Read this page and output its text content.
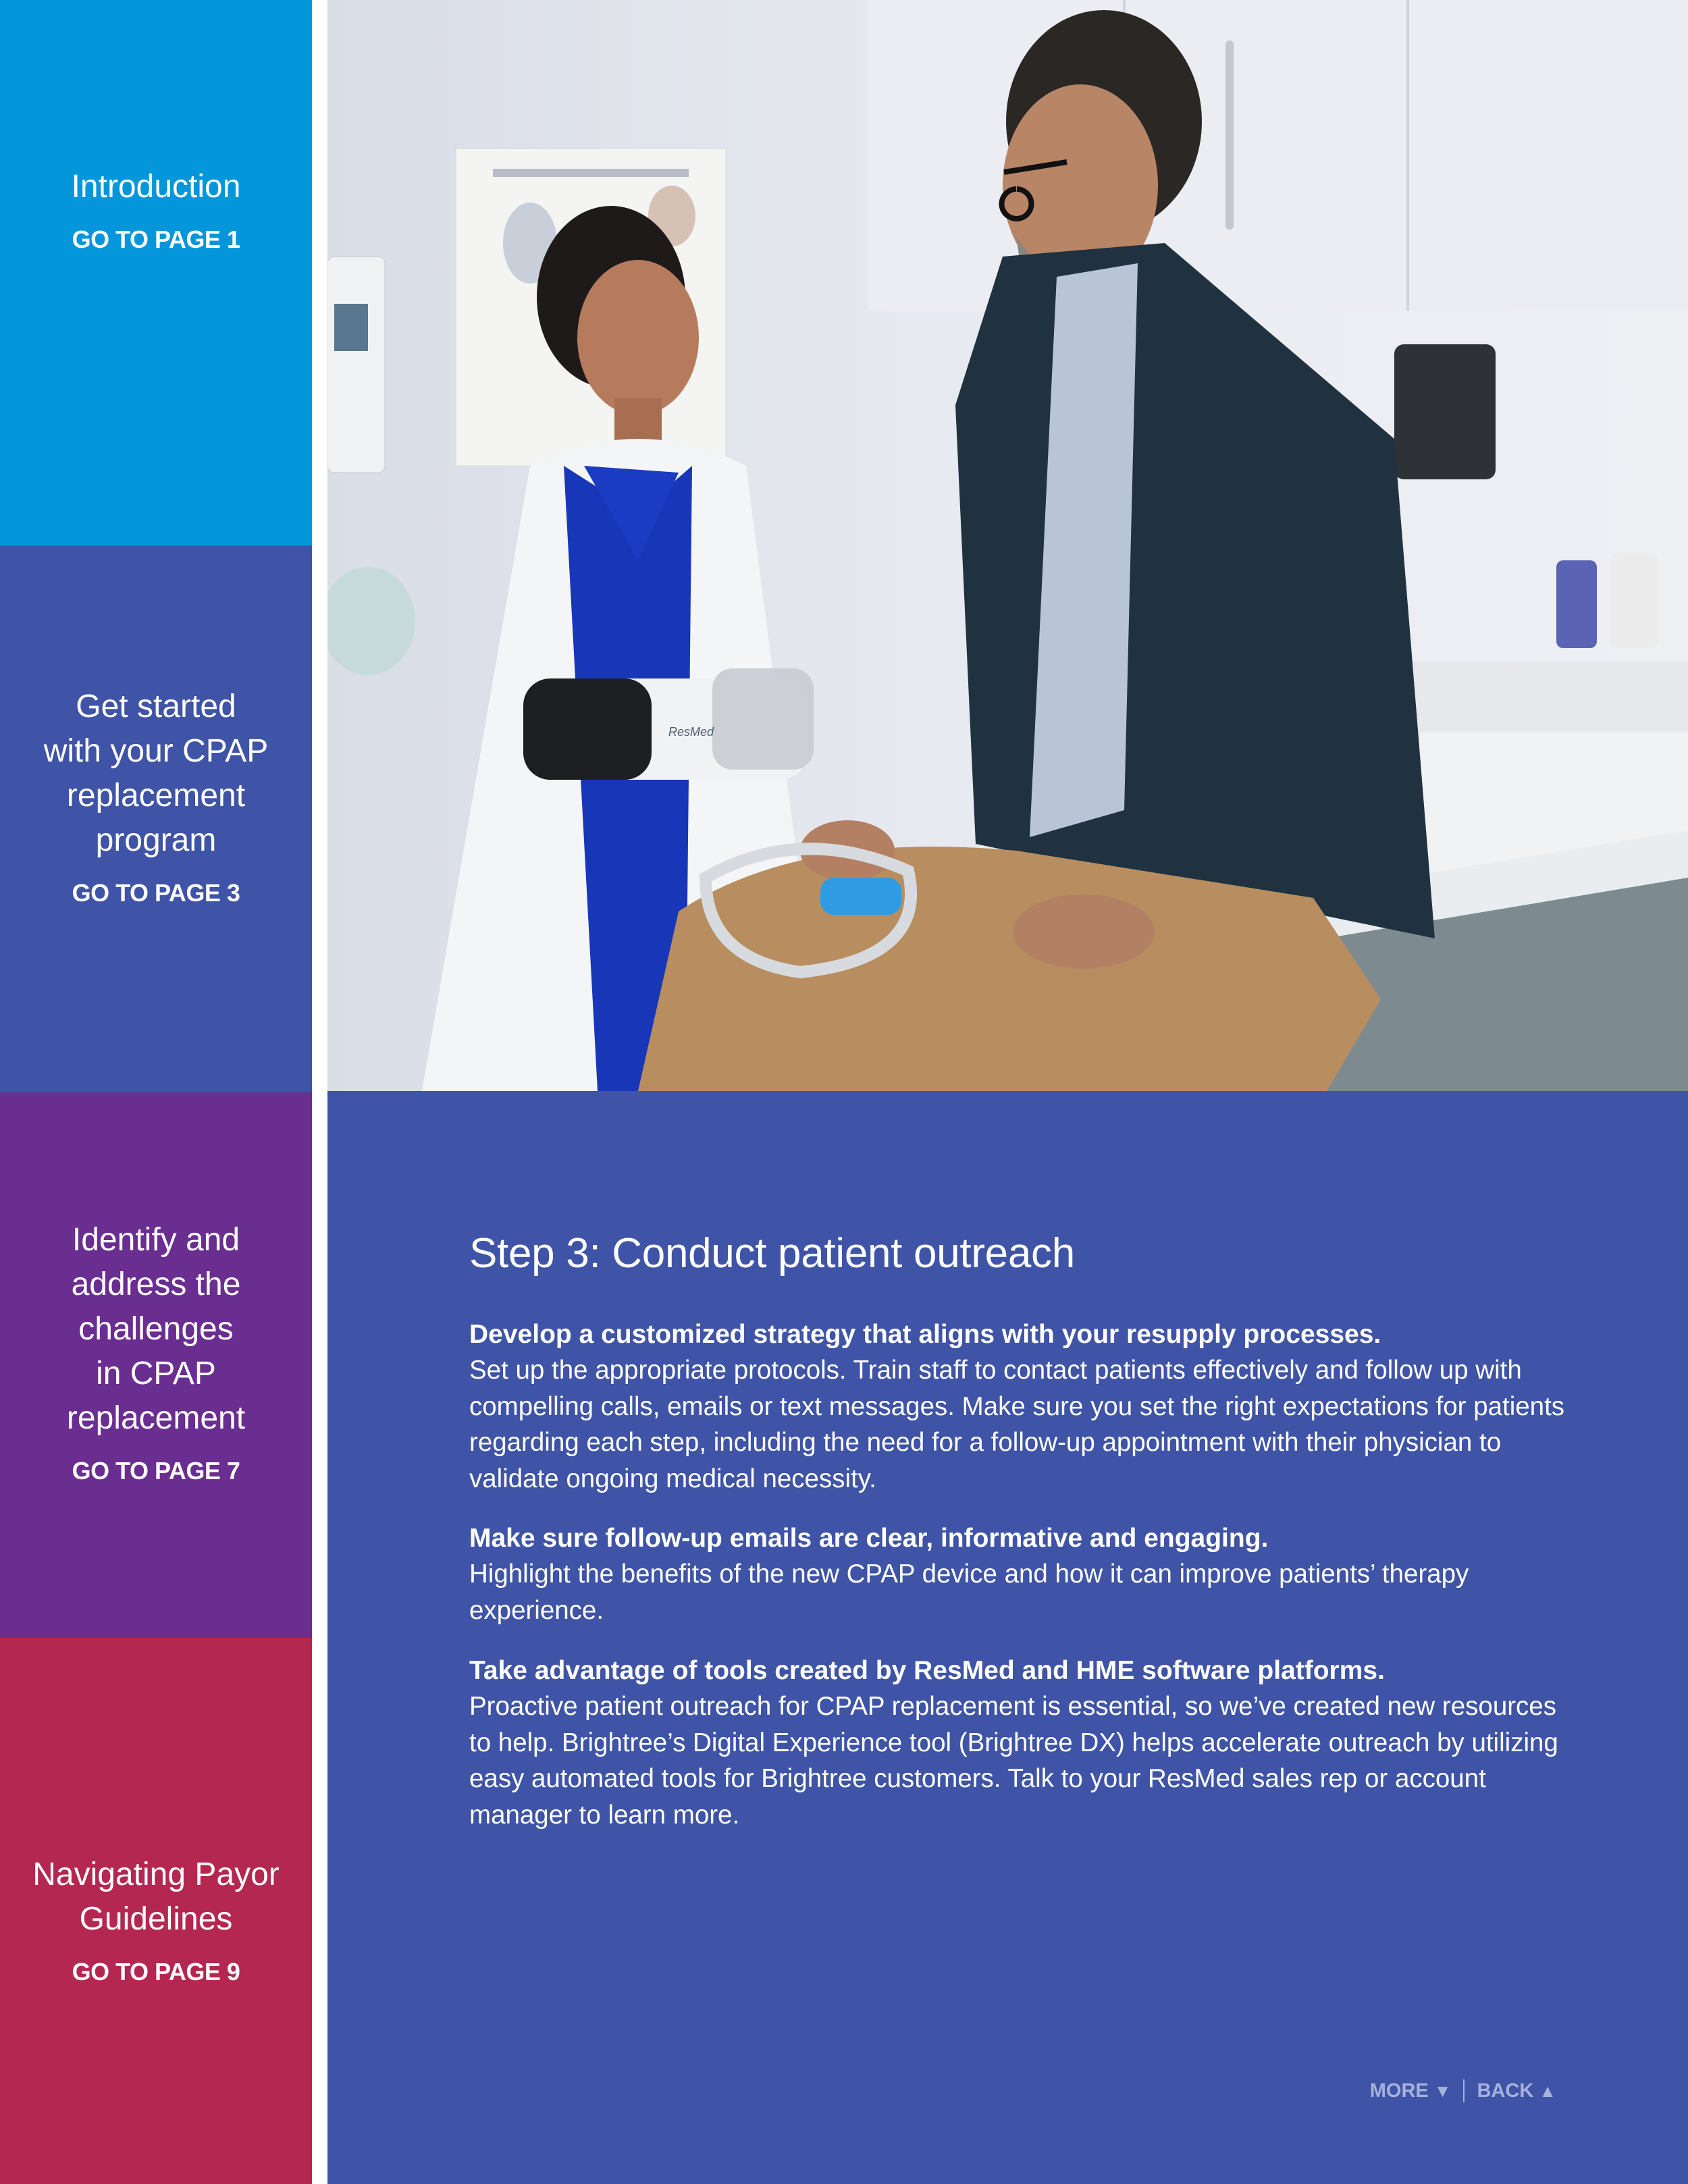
Introduction
GO TO PAGE 1
Get started
with your CPAP
replacement
program
GO TO PAGE 3
Identify and
address the
challenges
in CPAP
replacement
GO TO PAGE 7
Navigating Payor
Guidelines
GO TO PAGE 9
ResMed
Step 3: Conduct patient outreach
Develop a customized strategy that aligns with your resupply processes.

Set up the appropriate protocols. Train staff to contact patients effectively and follow up with compelling calls, emails or text messages. Make sure you set the right expectations for patients regarding each step, including the need for a follow-up appointment with their physician to validate ongoing medical necessity.

Make sure follow-up emails are clear, informative and engaging.

Highlight the benefits of the new CPAP device and how it can improve patients’ therapy experience.

Take advantage of tools created by ResMed and HME software platforms.

Proactive patient outreach for CPAP replacement is essential, so we’ve created new resources to help. Brightree’s Digital Experience tool (Brightree DX) helps accelerate outreach by utilizing easy automated tools for Brightree customers. Talk to your ResMed sales rep or account manager to learn more.

MORE ▼ BACK ▲
